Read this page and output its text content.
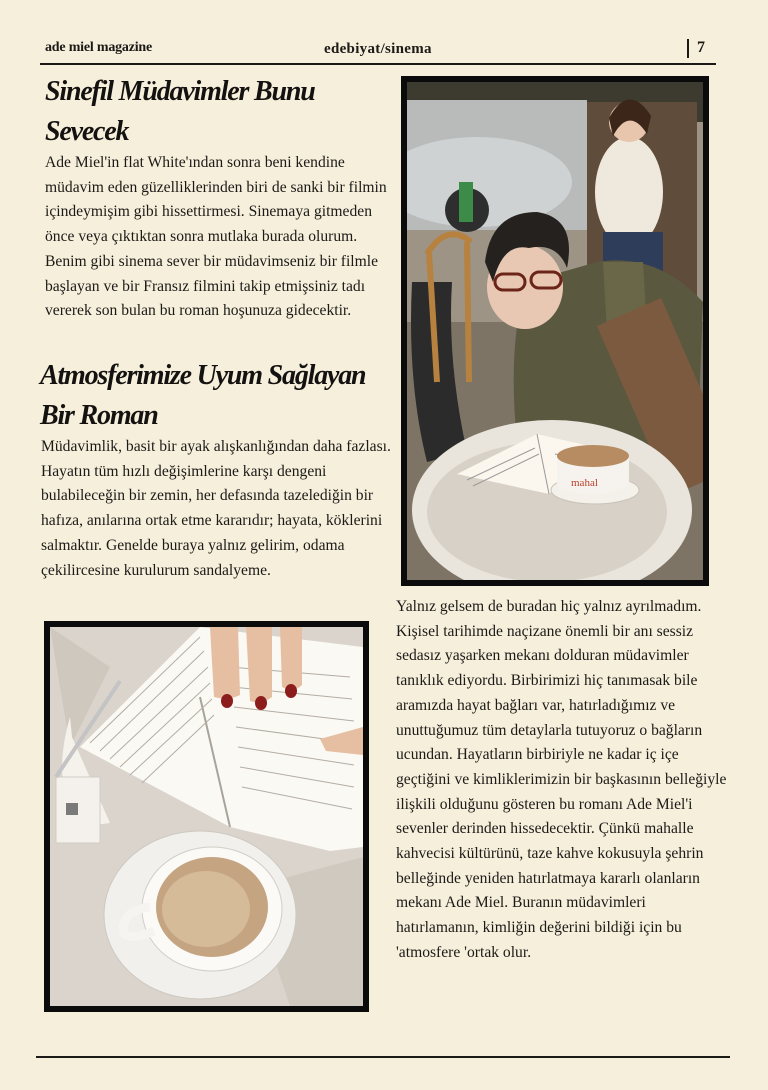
ade miel magazine	edebiyat/sinema	7
Sinefil Müdavimler Bunu Sevecek

Ade Miel'in flat White'ından sonra beni kendine müdavim eden güzelliklerinden biri de sanki bir filmin içindeymişim gibi hissettirmesi. Sinemaya gitmeden önce veya çıktıktan sonra mutlaka burada olurum. Benim gibi sinema sever bir müdavimseniz bir filmle başlayan ve bir Fransız filmini takip etmişsiniz tadı vererek son bulan bu roman hoşunuza gidecektir.

Atmosferimize Uyum Sağlayan Bir Roman

Müdavimlik, basit bir ayak alışkanlığından daha fazlası. Hayatın tüm hızlı değişimlerine karşı dengeni bulabileceğin bir zemin, her defasında tazelediğin bir hafıza, anılarına ortak etme kararıdır; hayata, köklerini salmaktır. Genelde buraya yalnız gelirim, odama çekilircesine kurulurum sandalyeme.

mahal

Yalnız gelsem de buradan hiç yalnız ayrılmadım. Kişisel tarihimde naçizane önemli bir anı sessiz sedasız yaşarken mekanı dolduran müdavimler tanıklık ediyordu. Birbirimizi hiç tanımasak bile aramızda hayat bağları var, hatırladığımız ve unuttuğumuz tüm detaylarla tutuyoruz o bağların ucundan. Hayatların birbiriyle ne kadar iç içe geçtiğini ve kimliklerimizin bir başkasının belleğiyle ilişkili olduğunu gösteren bu romanı Ade Miel'i sevenler derinden hissedecektir. Çünkü mahalle kahvecisi kültürünü, taze kahve kokusuyla şehrin belleğinde yeniden hatırlatmaya kararlı olanların mekanı Ade Miel. Buranın müdavimleri hatırlamanın, kimliğin değerini bildiği için bu 'atmosfere 'ortak olur.
